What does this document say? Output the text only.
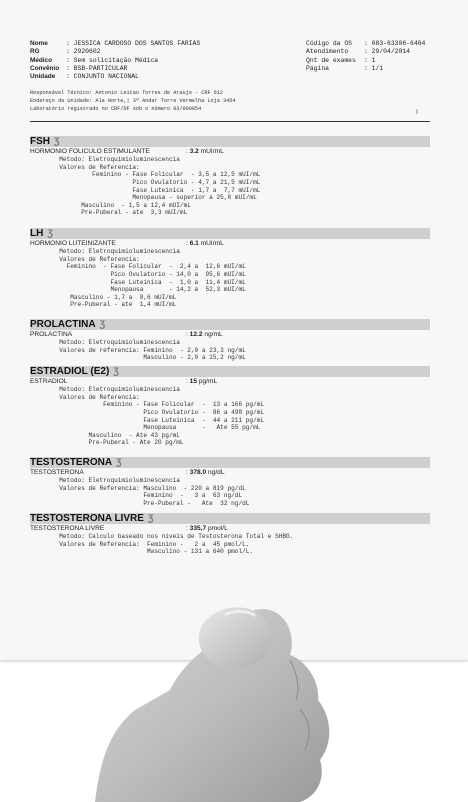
Nome	: JESSICA CARDOSO DOS SANTOS FARIAS
RG	: 2920602
Médico : Sem solicitação Médica
Convênio : BSB-PARTICULAR
Unidade : CONJUNTO NACIONAL
Código da OS : 083-63306-6464
Atendimento : 29/04/2014
Qnt de exames : 1
Página	: 1/1
Responsável Técnico: Antonio Leitao Torres de Araujo - CRF 612
Endereço da Unidade: Ala Norte,| 3º Andar Torre Vermelha Loja 3454
Laboratório registrado no CRF/DF sob o número 03/000054	I
FSH Ʒ
HORMONIO FOLICULO ESTIMULANTE	: 3.2 mUI/mL
Metodo: Eletroquimioluminescencia
Valores de Referencia:
Feminino - Fase Folicular  - 3,5 a 12,5 mUI/mL
Pico Ovulatorio - 4,7 a 21,5 mUI/mL
Fase Luteinica  - 1,7 a  7,7 mUI/mL
Menopausa - superior a 25,8 mUI/mL
Masculino  - 1,5 a 12,4 mUI/mL
Pre-Puberal - ate  3,3 mUI/mL
LH Ʒ
HORMONIO LUTEINIZANTE	: 6.1 mUI/mL
Metodo: Eletroquimioluminescencia
Valores de Referencia:
Feminino  - Fase Folicular  -  2,4 a  12,6 mUI/mL
Pico Ovulatorio - 14,0 a  95,6 mUI/mL
Fase Luteinica  -  1,0 a  11,4 mUI/mL
Menopausa       - 14,2 a  52,3 mUI/mL
Masculino - 1,7 a  8,6 mUI/mL
Pre-Puberal - ate  1,4 mUI/mL
PROLACTINA Ʒ
PROLACTINA	: 12.2 ng/mL
Metodo: Eletroquimioluminescencia
Valores de referencia: Feminino  - 2,0 a 23,3 ng/mL
Masculino - 2,0 a 15,2 ng/mL
ESTRADIOL (E2) Ʒ
ESTRADIOL	: 15 pg/mL
Metodo: Eletroquimioluminescencia
Valores de Referencia:
Feminino - Fase Folicular  -  13 a 166 pg/mL
Pico Ovulatorio -  86 a 498 pg/mL
Fase Luteinica  -  44 a 211 pg/mL
Menopausa       -   Ate 55 pg/mL
Masculino  - Ate 43 pg/mL
Pre-Puberal - Ate 20 pg/mL
TESTOSTERONA Ʒ
TESTOSTERONA	: 378.0 ng/dL
Metodo: Eletroquimioluminescencia
Valores de Referencia: Masculino  - 220 a 819 pg/dL
Feminino  -   3 a  63 ng/dL
Pre-Puberal -   Ate  32 ng/dL
TESTOSTERONA LIVRE Ʒ
TESTOSTERONA LIVRE	: 335,7 pmol/L
Metodo: Calculo baseado nos niveis de Testosterona Total e SHBG.
Valores de Referencia:  Feminino -   2 a  45 pmol/L.
Masculino - 131 a 640 pmol/L.
